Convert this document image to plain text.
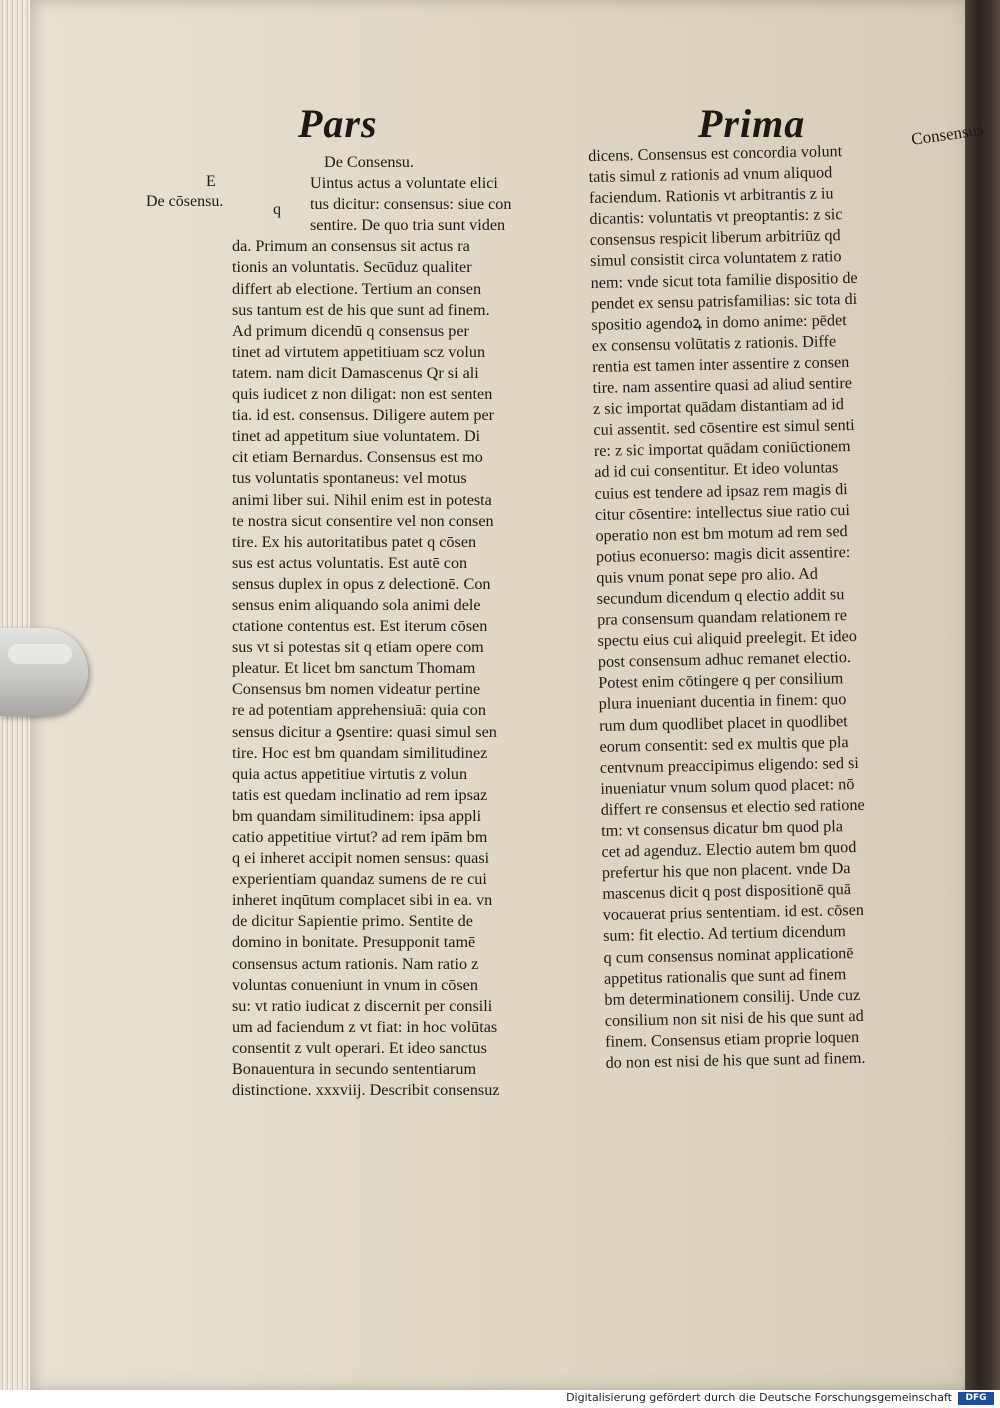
Pars	Prima
E
De cōsensu.	q
Consensus
De Consensu.
Uintus actus a voluntate elici
tus dicitur: consensus: siue con
sentire. De quo tria sunt viden
da. Primum an consensus sit actus ra
tionis an voluntatis. Secūduz qualiter
differt ab electione. Tertium an consen
sus tantum est de his que sunt ad finem.
Ad primum dicendū q consensus per
tinet ad virtutem appetitiuam scz volun
tatem. nam dicit Damascenus Qr si ali
quis iudicet z non diligat: non est senten
tia. id est. consensus. Diligere autem per
tinet ad appetitum siue voluntatem. Di
cit etiam Bernardus. Consensus est mo
tus voluntatis spontaneus: vel motus
animi liber sui. Nihil enim est in potesta
te nostra sicut consentire vel non consen
tire. Ex his autoritatibus patet q cōsen
sus est actus voluntatis. Est autē con
sensus duplex in opus z delectionē. Con
sensus enim aliquando sola animi dele
ctatione contentus est. Est iterum cōsen
sus vt si potestas sit q etiam opere com
pleatur. Et licet bm sanctum Thomam
Consensus bm nomen videatur pertine
re ad potentiam apprehensiuā: quia con
sensus dicitur a ꝯsentire: quasi simul sen
tire. Hoc est bm quandam similitudinez
quia actus appetitiue virtutis z volun
tatis est quedam inclinatio ad rem ipsaz
bm quandam similitudinem: ipsa appli
catio appetitiue virtut? ad rem ipām bm
q ei inheret accipit nomen sensus: quasi
experientiam quandaz sumens de re cui
inheret inqūtum complacet sibi in ea. vn
de dicitur Sapientie primo. Sentite de
domino in bonitate. Presupponit tamē
consensus actum rationis. Nam ratio z
voluntas conueniunt in vnum in cōsen
su: vt ratio iudicat z discernit per consili
um ad faciendum z vt fiat: in hoc volūtas
consentit z vult operari. Et ideo sanctus
Bonauentura in secundo sententiarum
distinctione. xxxviij. Describit consensuz
dicens. Consensus est concordia volunt
tatis simul z rationis ad vnum aliquod
faciendum. Rationis vt arbitrantis z iu
dicantis: voluntatis vt preoptantis: z sic
consensus respicit liberum arbitriūz qd
simul consistit circa voluntatem z ratio
nem: vnde sicut tota familie dispositio de
pendet ex sensu patrisfamilias: sic tota di
spositio agendoꝝ in domo anime: pēdet
ex consensu volūtatis z rationis. Diffe
rentia est tamen inter assentire z consen
tire. nam assentire quasi ad aliud sentire
z sic importat quādam distantiam ad id
cui assentit. sed cōsentire est simul senti
re: z sic importat quādam coniūctionem
ad id cui consentitur. Et ideo voluntas
cuius est tendere ad ipsaz rem magis di
citur cōsentire: intellectus siue ratio cui
operatio non est bm motum ad rem sed
potius econuerso: magis dicit assentire:
quis vnum ponat sepe pro alio. Ad
secundum dicendum q electio addit su
pra consensum quandam relationem re
spectu eius cui aliquid preelegit. Et ideo
post consensum adhuc remanet electio.
Potest enim cōtingere q per consilium
plura inueniant ducentia in finem: quo
rum dum quodlibet placet in quodlibet
eorum consentit: sed ex multis que pla
centvnum preaccipimus eligendo: sed si
inueniatur vnum solum quod placet: nō
differt re consensus et electio sed ratione
tm: vt consensus dicatur bm quod pla
cet ad agenduz. Electio autem bm quod
prefertur his que non placent. vnde Da
mascenus dicit q post dispositionē quā
vocauerat prius sententiam. id est. cōsen
sum: fit electio. Ad tertium dicendum
q cum consensus nominat applicationē
appetitus rationalis que sunt ad finem
bm determinationem consilij. Unde cuz
consilium non sit nisi de his que sunt ad
finem. Consensus etiam proprie loquen
do non est nisi de his que sunt ad finem.
Digitalisierung gefördert durch die Deutsche Forschungsgemeinschaft	DFG
